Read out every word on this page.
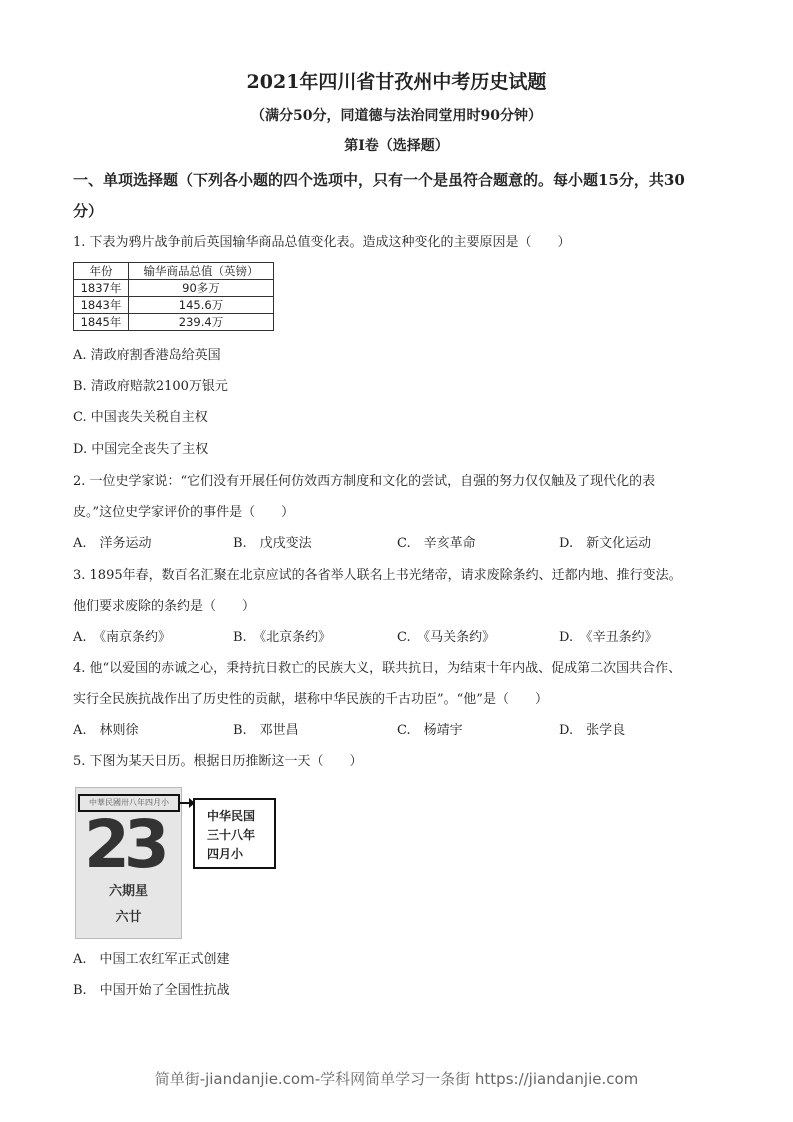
2021年四川省甘孜州中考历史试题
（满分50分，同道德与法治同堂用时90分钟）
第Ⅰ卷（选择题）
一、单项选择题（下列各小题的四个选项中，只有一个是虽符合题意的。每小题15分，共30
分）
1. 下表为鸦片战争前后英国输华商品总值变化表。造成这种变化的主要原因是（　　）
年份	输华商品总值（英镑）
1837年	90多万
1843年	145.6万
1845年	239.4万
A. 清政府割香港岛给英国
B. 清政府赔款2100万银元
C. 中国丧失关税自主权
D. 中国完全丧失了主权
2. 一位史学家说：“它们没有开展任何仿效西方制度和文化的尝试，自强的努力仅仅触及了现代化的表
皮。”这位史学家评价的事件是（　　）
A.　洋务运动	B.　戊戌变法	C.　辛亥革命	D.　新文化运动
3. 1895年春，数百名汇聚在北京应试的各省举人联名上书光绪帝，请求废除条约、迁都内地、推行变法。
他们要求废除的条约是（　　）
A.　《南京条约》	B.　《北京条约》	C.　《马关条约》	D.　《辛丑条约》
4. 他“以爱国的赤诚之心，秉持抗日救亡的民族大义，联共抗日，为结束十年内战、促成第二次国共合作、
实行全民族抗战作出了历史性的贡献，堪称中华民族的千古功臣”。“他”是（　　）
A.　林则徐	B.　邓世昌	C.　杨靖宇	D.　张学良
5. 下图为某天日历。根据日历推断这一天（　　）
中華民國卅八年四月小
23
六期星
六廿
中华民国
三十八年
四月小
A.　中国工农红军正式创建
B.　中国开始了全国性抗战
简单街-jiandanjie.com-学科网简单学习一条街 https://jiandanjie.com
